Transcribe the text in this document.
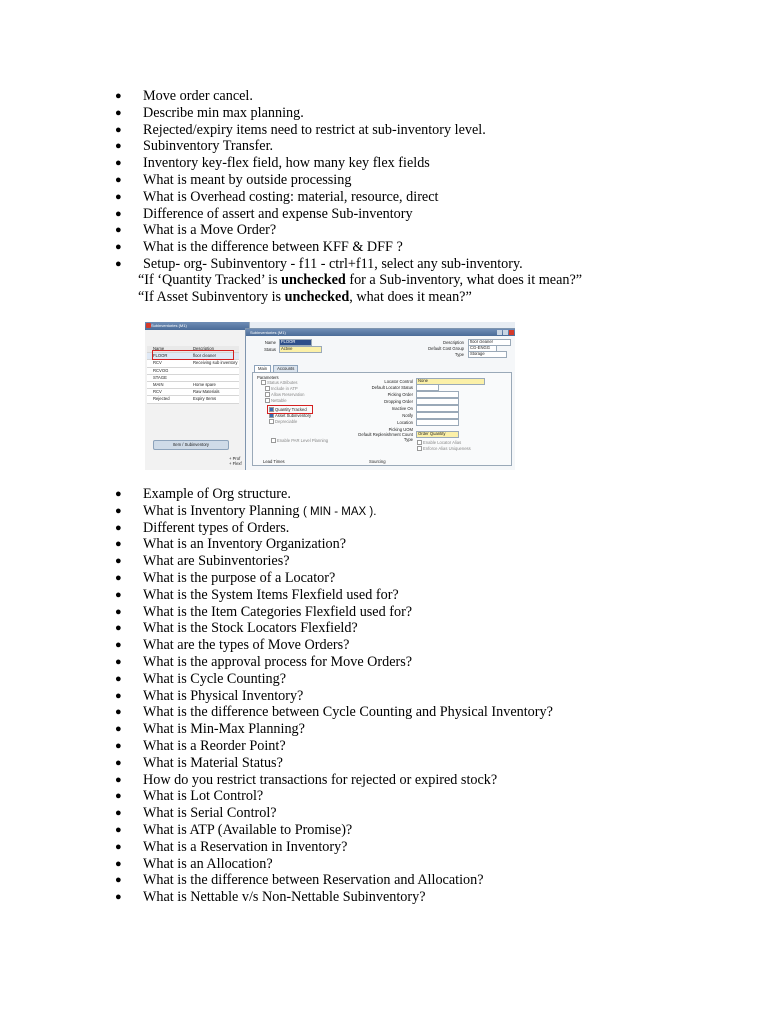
● Move order cancel.
● Describe min max planning.
● Rejected/expiry items need to restrict at sub-inventory level.
● Subinventory Transfer.
● Inventory key-flex field, how many key flex fields
● What is meant by outside processing
● What is Overhead costing: material, resource, direct
● Difference of assert and expense Sub-inventory
● What is a Move Order?
● What is the difference between KFF & DFF ?
● Setup- org- Subinventory - f11 - ctrl+f11, select any sub-inventory.
“If ‘Quantity Tracked’ is unchecked for a Sub-inventory, what does it mean?”
“If Asset Subinventory is unchecked, what does it mean?”
Subinventories (M1)
Name	Description
FLOOR	floor cleaner
RCV	Receiving sub inventory
RCVOG
STAGE
MAIN	Home spare
RCV	Raw Materials
Rejected	Expiry Items
Item / Subinventory
+ Prof
+ Flexf
Subinventories (M1)
Name	FLOOR
Status	Active
Description	floor cleaner
Default Cost Group	CG-ENGG
Type	Storage
Main	Accounts
Parameters
Status Attributes
Include in ATP
Allow Reservation
Nettable
Quantity Tracked
Asset Subinventory
Depreciable
Enable PAR Level Planning
Locator Control	None
Default Locator Status
Picking Order
Dropping Order
Inactive On
Notify
Location
Picking UOM
Default Replenishment Count Type
Order Quantity
Enable Locator Alias
Enforce Alias Uniqueness
Lead Times	Sourcing
● Example of Org structure.
● What is Inventory Planning ( MIN - MAX ).
● Different types of Orders.
● What is an Inventory Organization?
● What are Subinventories?
● What is the purpose of a Locator?
● What is the System Items Flexfield used for?
● What is the Item Categories Flexfield used for?
● What is the Stock Locators Flexfield?
● What are the types of Move Orders?
● What is the approval process for Move Orders?
● What is Cycle Counting?
● What is Physical Inventory?
● What is the difference between Cycle Counting and Physical Inventory?
● What is Min-Max Planning?
● What is a Reorder Point?
● What is Material Status?
● How do you restrict transactions for rejected or expired stock?
● What is Lot Control?
● What is Serial Control?
● What is ATP (Available to Promise)?
● What is a Reservation in Inventory?
● What is an Allocation?
● What is the difference between Reservation and Allocation?
● What is Nettable v/s Non-Nettable Subinventory?
